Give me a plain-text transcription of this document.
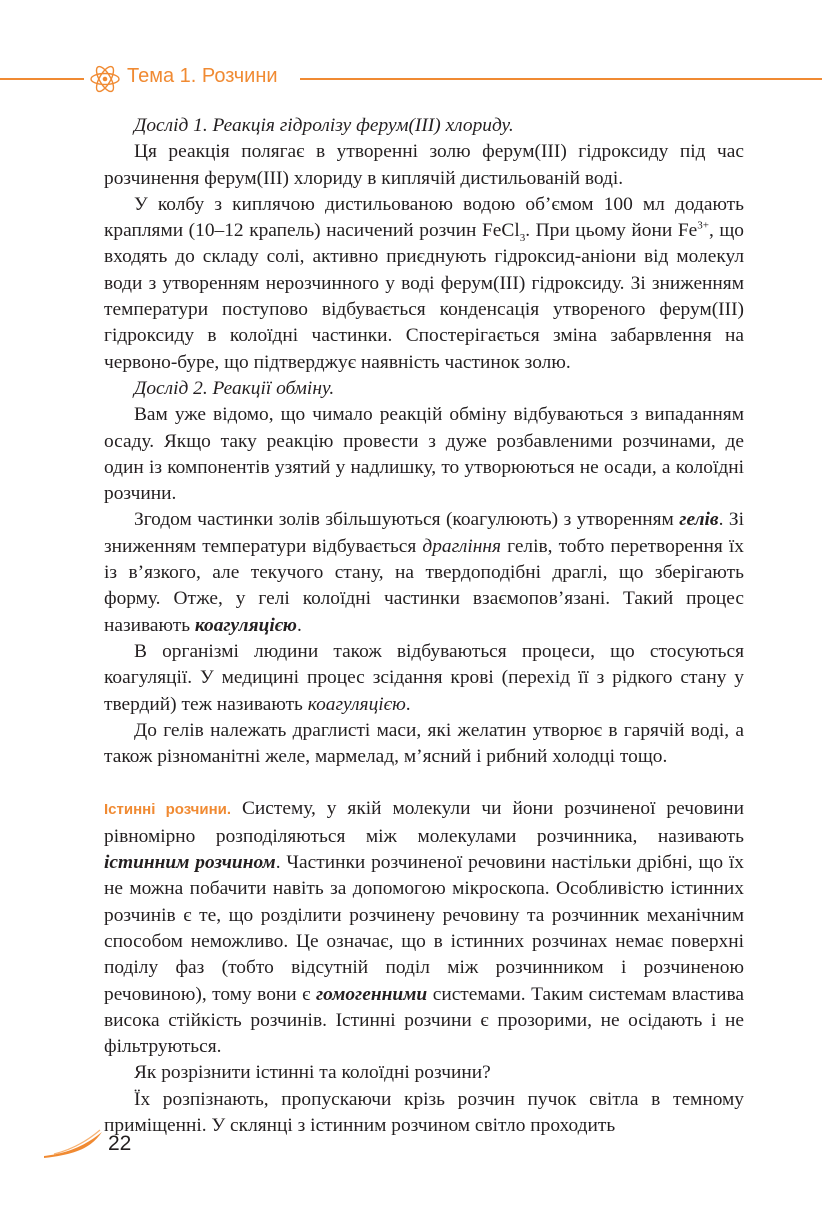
Тема 1. Розчини

Дослід 1. Реакція гідролізу ферум(III) хлориду.

Ця реакція полягає в утворенні золю ферум(III) гідроксиду під час розчинення ферум(III) хлориду в киплячій дистильованій воді.

У колбу з киплячою дистильованою водою об’ємом 100 мл додають краплями (10–12 крапель) насичений розчин FeCl$_3$. При цьому йони $Fe^{3+}$, що входять до складу солі, активно приєднують гідроксид-аніони від молекул води з утворенням нерозчинного у воді ферум(III) гідроксиду. Зі зниженням температури поступово відбувається конденсація утвореного ферум(III) гідроксиду в колоїдні частинки. Спостерігається зміна забарвлення на червоно-буре, що підтверджує наявність частинок золю.

Дослід 2. Реакції обміну.

Вам уже відомо, що чимало реакцій обміну відбуваються з випаданням осаду. Якщо таку реакцію провести з дуже розбавленими розчинами, де один із компонентів узятий у надлишку, то утворюються не осади, а колоїдні розчини.

Згодом частинки золів збільшуються (коагулюють) з утворенням гелів. Зі зниженням температури відбувається драгління гелів, тобто перетворення їх із в’язкого, але текучого стану, на твердоподібні драглі, що зберігають форму. Отже, у гелі колоїдні частинки взаємопов’язані. Такий процес називають коагуляцією.

В організмі людини також відбуваються процеси, що стосуються коагуляції. У медицині процес зсідання крові (перехід її з рідкого стану у твердий) теж називають коагуляцією.

До гелів належать драглисті маси, які желатин утворює в гарячій воді, а також різноманітні желе, мармелад, м’ясний і рибний холодці тощо.

Істинні розчини. Систему, у якій молекули чи йони розчиненої речовини рівномірно розподіляються між молекулами розчинника, називають істинним розчином. Частинки розчиненої речовини настільки дрібні, що їх не можна побачити навіть за допомогою мікроскопа. Особливістю істинних розчинів є те, що розділити розчинену речовину та розчинник механічним способом неможливо. Це означає, що в істинних розчинах немає поверхні поділу фаз (тобто відсутній поділ між розчинником і розчиненою речовиною), тому вони є гомогенними системами. Таким системам властива висока стійкість розчинів. Істинні розчини є прозорими, не осідають і не фільтруються.

Як розрізнити істинні та колоїдні розчини?

Їх розпізнають, пропускаючи крізь розчин пучок світла в темному приміщенні. У склянці з істинним розчином світло проходить

22
